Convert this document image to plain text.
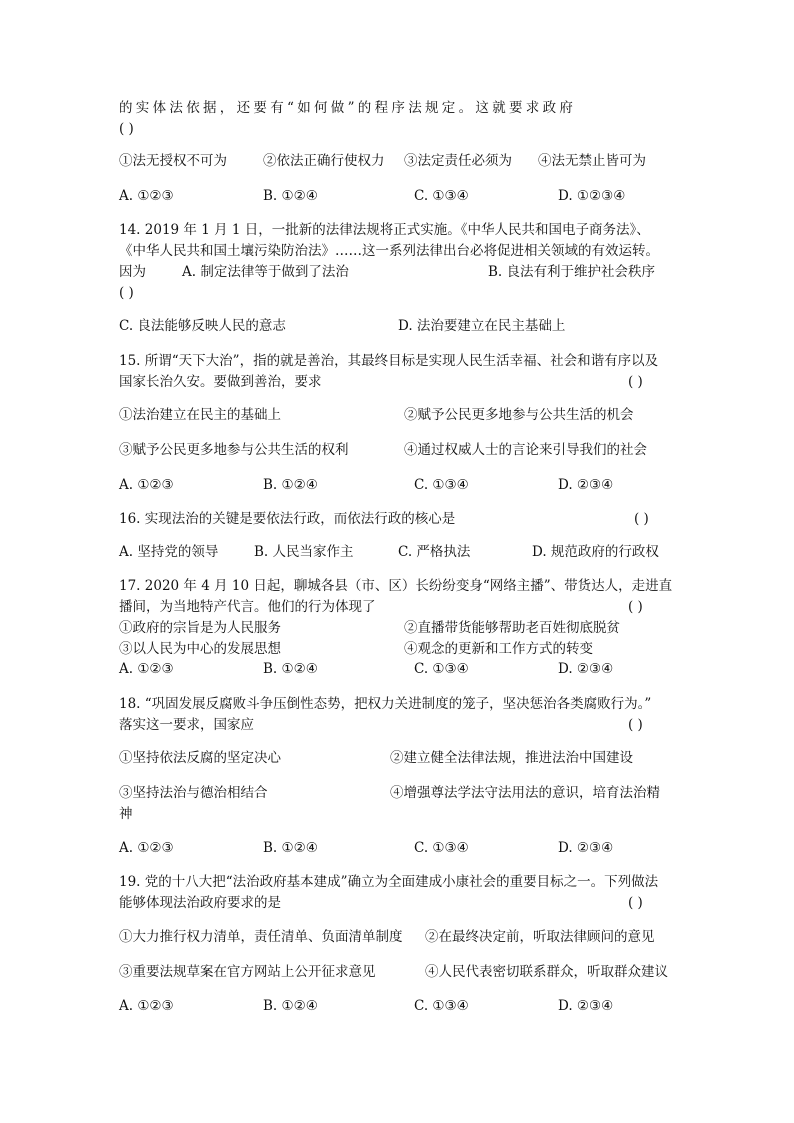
的实体法依据，还要有“如何做”的程序法规定。这就要求政府
( )
①法无授权不可为	②依法正确行使权力 ③法定责任必须为 ④法无禁止皆可为
A. ①②③	B. ①②④	C. ①③④	D. ①②③④
14. 2019 年 1 月 1 日，一批新的法律法规将正式实施。《中华人民共和国电子商务法》、
《中华人民共和国土壤污染防治法》……这一系列法律出台必将促进相关领域的有效运转。
因为	A. 制定法律等于做到了法治	B. 良法有利于维护社会秩序
( )
C. 良法能够反映人民的意志	D. 法治要建立在民主基础上
15. 所谓“天下大治”，指的就是善治，其最终目标是实现人民生活幸福、社会和谐有序以及
国家长治久安。要做到善治，要求	( )
①法治建立在民主的基础上	②赋予公民更多地参与公共生活的机会
③赋予公民更多地参与公共生活的权利	④通过权威人士的言论来引导我们的社会
A. ①②③	B. ①②④	C. ①③④	D. ②③④
16. 实现法治的关键是要依法行政，而依法行政的核心是	( )
A. 坚持党的领导	B. 人民当家作主	C. 严格执法	D. 规范政府的行政权
17. 2020 年 4 月 10 日起，聊城各县（市、区）长纷纷变身“网络主播”、带货达人，走进直
播间，为当地特产代言。他们的行为体现了	( )
①政府的宗旨是为人民服务	②直播带货能够帮助老百姓彻底脱贫
③以人民为中心的发展思想	④观念的更新和工作方式的转变
A. ①②③	B. ①②④	C. ①③④	D. ②③④
18. “巩固发展反腐败斗争压倒性态势，把权力关进制度的笼子，坚决惩治各类腐败行为。”
落实这一要求，国家应	( )
①坚持依法反腐的坚定决心	②建立健全法律法规，推进法治中国建设
③坚持法治与德治相结合	④增强尊法学法守法用法的意识，培育法治精
神
A. ①②③	B. ①②④	C. ①③④	D. ②③④
19. 党的十八大把“法治政府基本建成”确立为全面建成小康社会的重要目标之一。下列做法
能够体现法治政府要求的是	( )
①大力推行权力清单，责任清单、负面清单制度 ②在最终决定前，听取法律顾问的意见
③重要法规草案在官方网站上公开征求意见	④人民代表密切联系群众，听取群众建议
A. ①②③	B. ①②④	C. ①③④	D. ②③④
